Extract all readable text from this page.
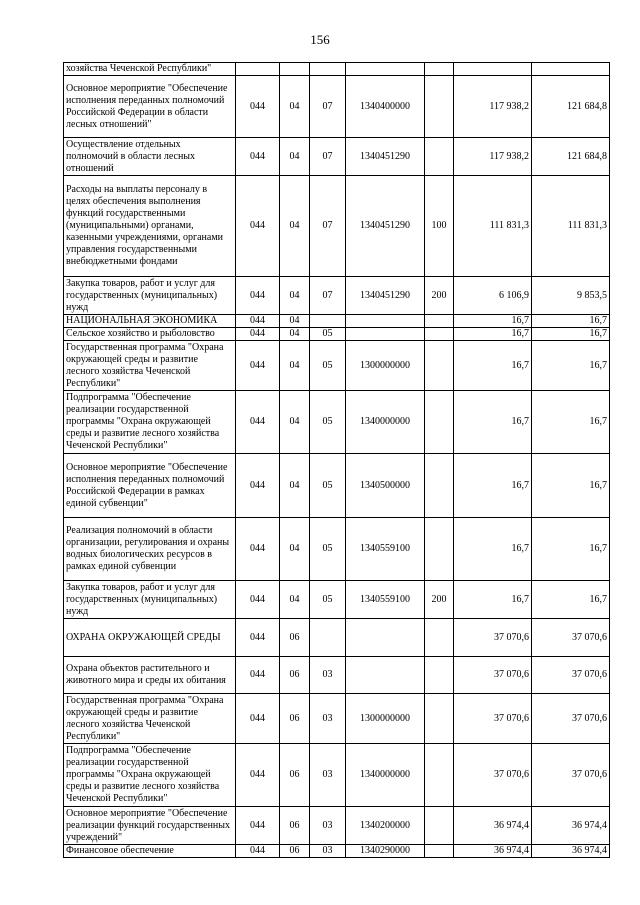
156
хозяйства Чеченской Республики"							
Основное мероприятие "Обеспечение исполнения переданных полномочий Российской Федерации в области лесных отношений"	044	04	07	1340400000		117 938,2	121 684,8
Осуществление отдельных полномочий в области лесных отношений	044	04	07	1340451290		117 938,2	121 684,8
Расходы на выплаты персоналу в целях обеспечения выполнения функций государственными (муниципальными) органами, казенными учреждениями, органами управления государственными внебюджетными фондами	044	04	07	1340451290	100	111 831,3	111 831,3
Закупка товаров, работ и услуг для государственных (муниципальных) нужд	044	04	07	1340451290	200	6 106,9	9 853,5
НАЦИОНАЛЬНАЯ ЭКОНОМИКА	044	04				16,7	16,7
Сельское хозяйство и рыболовство	044	04	05			16,7	16,7
Государственная программа "Охрана окружающей среды и развитие лесного хозяйства Чеченской Республики"	044	04	05	1300000000		16,7	16,7
Подпрограмма "Обеспечение реализации государственной программы "Охрана окружающей среды и развитие лесного хозяйства Чеченской Республики"	044	04	05	1340000000		16,7	16,7
Основное мероприятие "Обеспечение исполнения переданных полномочий Российской Федерации в рамках единой субвенции"	044	04	05	1340500000		16,7	16,7
Реализация полномочий в области организации, регулирования и охраны водных биологических ресурсов в рамках единой субвенции	044	04	05	1340559100		16,7	16,7
Закупка товаров, работ и услуг для государственных (муниципальных) нужд	044	04	05	1340559100	200	16,7	16,7
ОХРАНА ОКРУЖАЮЩЕЙ СРЕДЫ	044	06				37 070,6	37 070,6
Охрана объектов растительного и животного мира и среды их обитания	044	06	03			37 070,6	37 070,6
Государственная программа "Охрана окружающей среды и развитие лесного хозяйства Чеченской Республики"	044	06	03	1300000000		37 070,6	37 070,6
Подпрограмма "Обеспечение реализации государственной программы "Охрана окружающей среды и развитие лесного хозяйства Чеченской Республики"	044	06	03	1340000000		37 070,6	37 070,6
Основное мероприятие "Обеспечение реализации функций государственных учреждений"	044	06	03	1340200000		36 974,4	36 974,4
Финансовое обеспечение	044	06	03	1340290000		36 974,4	36 974,4
